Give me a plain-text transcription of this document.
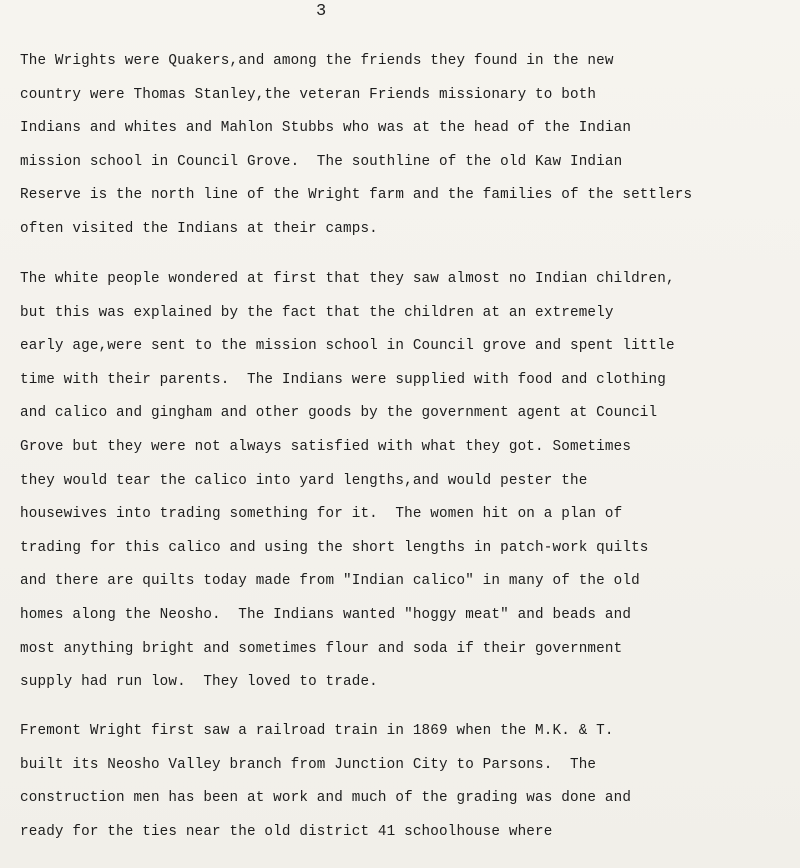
3

The Wrights were Quakers,and among the friends they found in the new
country were Thomas Stanley,the veteran Friends missionary to both
Indians and whites and Mahlon Stubbs who was at the head of the Indian
mission school in Council Grove.  The southline of the old Kaw Indian
Reserve is the north line of the Wright farm and the families of the settlers
often visited the Indians at their camps.

The white people wondered at first that they saw almost no Indian children,
but this was explained by the fact that the children at an extremely
early age,were sent to the mission school in Council grove and spent little
time with their parents.  The Indians were supplied with food and clothing
and calico and gingham and other goods by the government agent at Council
Grove but they were not always satisfied with what they got. Sometimes
they would tear the calico into yard lengths,and would pester the
housewives into trading something for it.  The women hit on a plan of
trading for this calico and using the short lengths in patch-work quilts
and there are quilts today made from "Indian calico" in many of the old
homes along the Neosho.  The Indians wanted "hoggy meat" and beads and
most anything bright and sometimes flour and soda if their government
supply had run low.  They loved to trade.

Fremont Wright first saw a railroad train in 1869 when the M.K. & T.
built its Neosho Valley branch from Junction City to Parsons.  The
construction men has been at work and much of the grading was done and
ready for the ties near the old district 41 schoolhouse where
